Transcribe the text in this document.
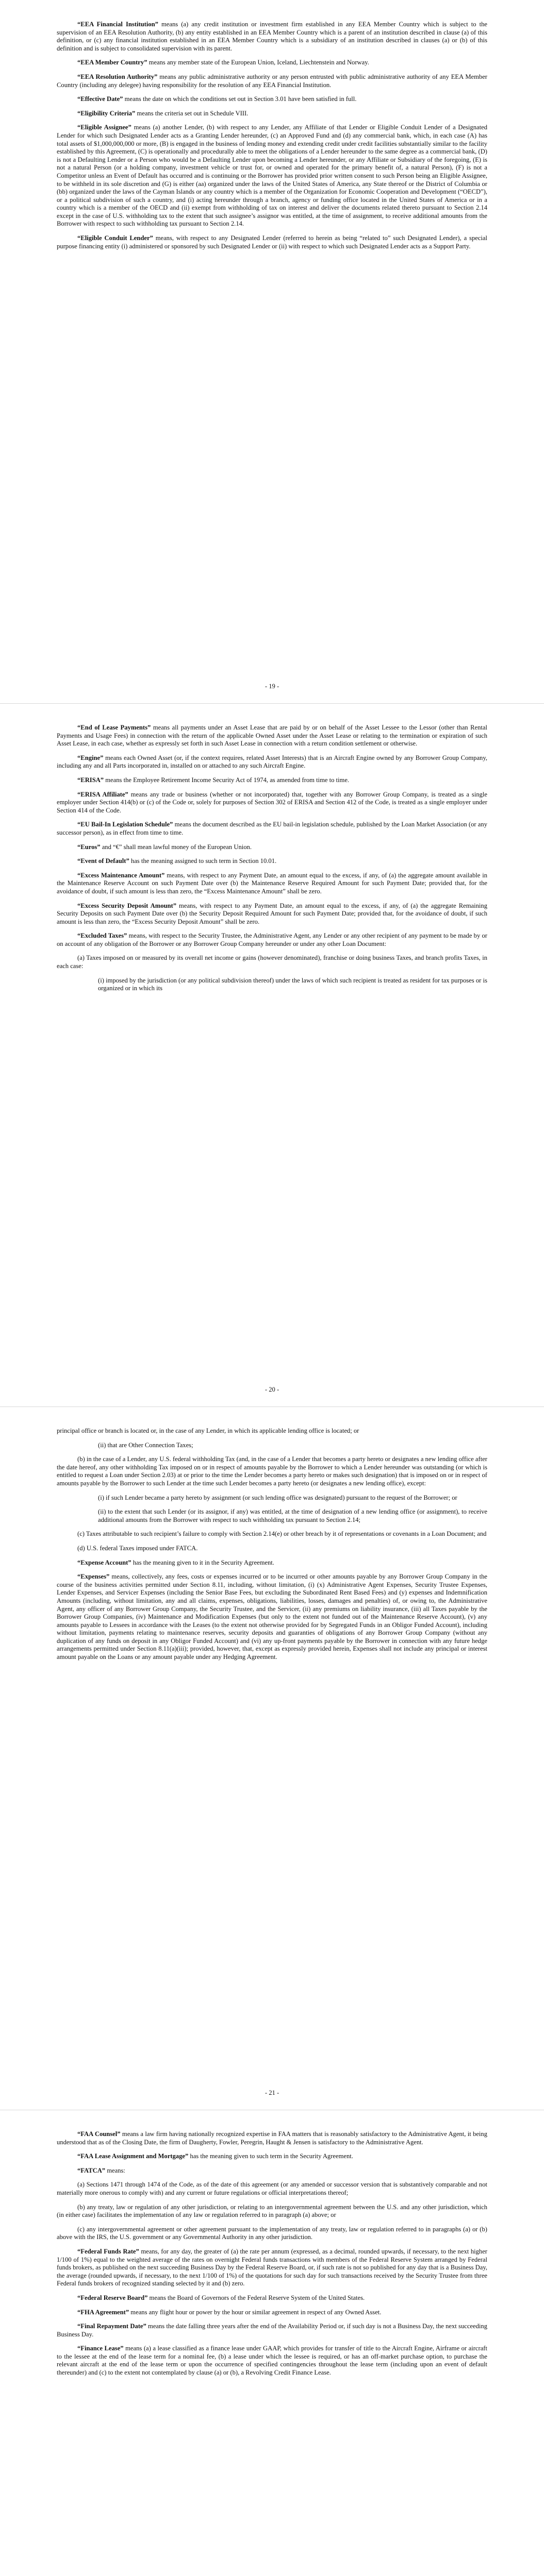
“EEA Financial Institution” means (a) any credit institution or investment firm established in any EEA Member Country which is subject to the supervision of an EEA Resolution Authority, (b) any entity established in an EEA Member Country which is a parent of an institution described in clause (a) of this definition, or (c) any financial institution established in an EEA Member Country which is a subsidiary of an institution described in clauses (a) or (b) of this definition and is subject to consolidated supervision with its parent.

“EEA Member Country” means any member state of the European Union, Iceland, Liechtenstein and Norway.

“EEA Resolution Authority” means any public administrative authority or any person entrusted with public administrative authority of any EEA Member Country (including any delegee) having responsibility for the resolution of any EEA Financial Institution.

“Effective Date” means the date on which the conditions set out in Section 3.01 have been satisfied in full.

“Eligibility Criteria” means the criteria set out in Schedule VIII.

“Eligible Assignee” means (a) another Lender, (b) with respect to any Lender, any Affiliate of that Lender or Eligible Conduit Lender of a Designated Lender for which such Designated Lender acts as a Granting Lender hereunder, (c) an Approved Fund and (d) any commercial bank, which, in each case (A) has total assets of $1,000,000,000 or more, (B) is engaged in the business of lending money and extending credit under credit facilities substantially similar to the facility established by this Agreement, (C) is operationally and procedurally able to meet the obligations of a Lender hereunder to the same degree as a commercial bank, (D) is not a Defaulting Lender or a Person who would be a Defaulting Lender upon becoming a Lender hereunder, or any Affiliate or Subsidiary of the foregoing, (E) is not a natural Person (or a holding company, investment vehicle or trust for, or owned and operated for the primary benefit of, a natural Person), (F) is not a Competitor unless an Event of Default has occurred and is continuing or the Borrower has provided prior written consent to such Person being an Eligible Assignee, to be withheld in its sole discretion and (G) is either (aa) organized under the laws of the United States of America, any State thereof or the District of Columbia or (bb) organized under the laws of the Cayman Islands or any country which is a member of the Organization for Economic Cooperation and Development (“OECD”), or a political subdivision of such a country, and (i) acting hereunder through a branch, agency or funding office located in the United States of America or in a country which is a member of the OECD and (ii) exempt from withholding of tax on interest and deliver the documents related thereto pursuant to Section 2.14 except in the case of U.S. withholding tax to the extent that such assignee’s assignor was entitled, at the time of assignment, to receive additional amounts from the Borrower with respect to such withholding tax pursuant to Section 2.14.

“Eligible Conduit Lender” means, with respect to any Designated Lender (referred to herein as being “related to” such Designated Lender), a special purpose financing entity (i) administered or sponsored by such Designated Lender or (ii) with respect to which such Designated Lender acts as a Support Party.

- 19 -

“End of Lease Payments” means all payments under an Asset Lease that are paid by or on behalf of the Asset Lessee to the Lessor (other than Rental Payments and Usage Fees) in connection with the return of the applicable Owned Asset under the Asset Lease or relating to the termination or expiration of such Asset Lease, in each case, whether as expressly set forth in such Asset Lease in connection with a return condition settlement or otherwise.

“Engine” means each Owned Asset (or, if the context requires, related Asset Interests) that is an Aircraft Engine owned by any Borrower Group Company, including any and all Parts incorporated in, installed on or attached to any such Aircraft Engine.

“ERISA” means the Employee Retirement Income Security Act of 1974, as amended from time to time.

“ERISA Affiliate” means any trade or business (whether or not incorporated) that, together with any Borrower Group Company, is treated as a single employer under Section 414(b) or (c) of the Code or, solely for purposes of Section 302 of ERISA and Section 412 of the Code, is treated as a single employer under Section 414 of the Code.

“EU Bail-In Legislation Schedule” means the document described as the EU bail-in legislation schedule, published by the Loan Market Association (or any successor person), as in effect from time to time.

“Euros” and “€” shall mean lawful money of the European Union.

“Event of Default” has the meaning assigned to such term in Section 10.01.

“Excess Maintenance Amount” means, with respect to any Payment Date, an amount equal to the excess, if any, of (a) the aggregate amount available in the Maintenance Reserve Account on such Payment Date over (b) the Maintenance Reserve Required Amount for such Payment Date; provided that, for the avoidance of doubt, if such amount is less than zero, the “Excess Maintenance Amount” shall be zero.

“Excess Security Deposit Amount” means, with respect to any Payment Date, an amount equal to the excess, if any, of (a) the aggregate Remaining Security Deposits on such Payment Date over (b) the Security Deposit Required Amount for such Payment Date; provided that, for the avoidance of doubt, if such amount is less than zero, the “Excess Security Deposit Amount” shall be zero.

“Excluded Taxes” means, with respect to the Security Trustee, the Administrative Agent, any Lender or any other recipient of any payment to be made by or on account of any obligation of the Borrower or any Borrower Group Company hereunder or under any other Loan Document:

(a) Taxes imposed on or measured by its overall net income or gains (however denominated), franchise or doing business Taxes, and branch profits Taxes, in each case:

(i) imposed by the jurisdiction (or any political subdivision thereof) under the laws of which such recipient is treated as resident for tax purposes or is organized or in which its

- 20 -

principal office or branch is located or, in the case of any Lender, in which its applicable lending office is located; or

(ii) that are Other Connection Taxes;

(b) in the case of a Lender, any U.S. federal withholding Tax (and, in the case of a Lender that becomes a party hereto or designates a new lending office after the date hereof, any other withholding Tax imposed on or in respect of amounts payable by the Borrower to which a Lender hereunder was outstanding (or which is entitled to request a Loan under Section 2.03) at or prior to the time the Lender becomes a party hereto or makes such designation) that is imposed on or in respect of amounts payable by the Borrower to such Lender at the time such Lender becomes a party hereto (or designates a new lending office), except:

(i) if such Lender became a party hereto by assignment (or such lending office was designated) pursuant to the request of the Borrower; or

(ii) to the extent that such Lender (or its assignor, if any) was entitled, at the time of designation of a new lending office (or assignment), to receive additional amounts from the Borrower with respect to such withholding tax pursuant to Section 2.14;

(c) Taxes attributable to such recipient’s failure to comply with Section 2.14(e) or other breach by it of representations or covenants in a Loan Document; and

(d) U.S. federal Taxes imposed under FATCA.

“Expense Account” has the meaning given to it in the Security Agreement.

“Expenses” means, collectively, any fees, costs or expenses incurred or to be incurred or other amounts payable by any Borrower Group Company in the course of the business activities permitted under Section 8.11, including, without limitation, (i) (x) Administrative Agent Expenses, Security Trustee Expenses, Lender Expenses, and Servicer Expenses (including the Senior Base Fees, but excluding the Subordinated Rent Based Fees) and (y) expenses and Indemnification Amounts (including, without limitation, any and all claims, expenses, obligations, liabilities, losses, damages and penalties) of, or owing to, the Administrative Agent, any officer of any Borrower Group Company, the Security Trustee, and the Servicer, (ii) any premiums on liability insurance, (iii) all Taxes payable by the Borrower Group Companies, (iv) Maintenance and Modification Expenses (but only to the extent not funded out of the Maintenance Reserve Account), (v) any amounts payable to Lessees in accordance with the Leases (to the extent not otherwise provided for by Segregated Funds in an Obligor Funded Account), including without limitation, payments relating to maintenance reserves, security deposits and guaranties of obligations of any Borrower Group Company (without any duplication of any funds on deposit in any Obligor Funded Account) and (vi) any up-front payments payable by the Borrower in connection with any future hedge arrangements permitted under Section 8.11(a)(iii); provided, however, that, except as expressly provided herein, Expenses shall not include any principal or interest amount payable on the Loans or any amount payable under any Hedging Agreement.

- 21 -

“FAA Counsel” means a law firm having nationally recognized expertise in FAA matters that is reasonably satisfactory to the Administrative Agent, it being understood that as of the Closing Date, the firm of Daugherty, Fowler, Peregrin, Haught & Jensen is satisfactory to the Administrative Agent.

“FAA Lease Assignment and Mortgage” has the meaning given to such term in the Security Agreement.

“FATCA” means:

(a) Sections 1471 through 1474 of the Code, as of the date of this agreement (or any amended or successor version that is substantively comparable and not materially more onerous to comply with) and any current or future regulations or official interpretations thereof;

(b) any treaty, law or regulation of any other jurisdiction, or relating to an intergovernmental agreement between the U.S. and any other jurisdiction, which (in either case) facilitates the implementation of any law or regulation referred to in paragraph (a) above; or

(c) any intergovernmental agreement or other agreement pursuant to the implementation of any treaty, law or regulation referred to in paragraphs (a) or (b) above with the IRS, the U.S. government or any Governmental Authority in any other jurisdiction.

“Federal Funds Rate” means, for any day, the greater of (a) the rate per annum (expressed, as a decimal, rounded upwards, if necessary, to the next higher 1/100 of 1%) equal to the weighted average of the rates on overnight Federal funds transactions with members of the Federal Reserve System arranged by Federal funds brokers, as published on the next succeeding Business Day by the Federal Reserve Board, or, if such rate is not so published for any day that is a Business Day, the average (rounded upwards, if necessary, to the next 1/100 of 1%) of the quotations for such day for such transactions received by the Security Trustee from three Federal funds brokers of recognized standing selected by it and (b) zero.

“Federal Reserve Board” means the Board of Governors of the Federal Reserve System of the United States.

“FHA Agreement” means any flight hour or power by the hour or similar agreement in respect of any Owned Asset.

“Final Repayment Date” means the date falling three years after the end of the Availability Period or, if such day is not a Business Day, the next succeeding Business Day.

“Finance Lease” means (a) a lease classified as a finance lease under GAAP, which provides for transfer of title to the Aircraft Engine, Airframe or aircraft to the lessee at the end of the lease term for a nominal fee, (b) a lease under which the lessee is required, or has an off-market purchase option, to purchase the relevant aircraft at the end of the lease term or upon the occurrence of specified contingencies throughout the lease term (including upon an event of default thereunder) and (c) to the extent not contemplated by clause (a) or (b), a Revolving Credit Finance Lease.
